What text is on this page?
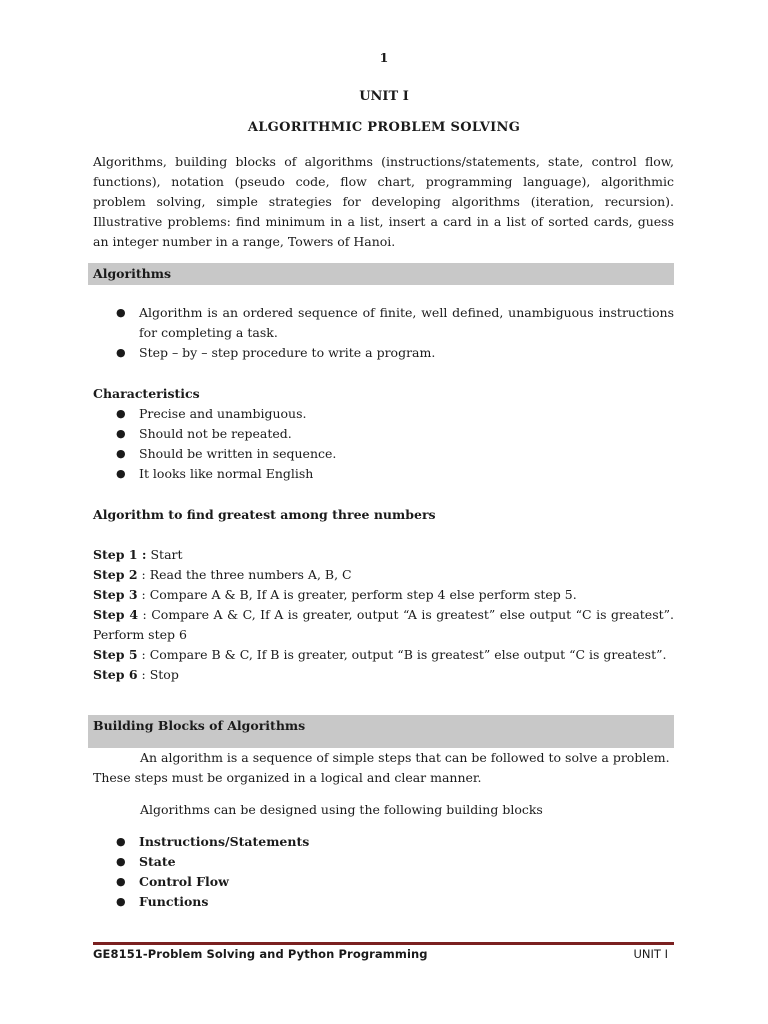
1
UNIT I
ALGORITHMIC PROBLEM SOLVING
Algorithms, building blocks of algorithms (instructions/statements, state, control flow, functions), notation (pseudo code, flow chart, programming language), algorithmic problem solving, simple strategies for developing algorithms (iteration, recursion). Illustrative problems: find minimum in a list, insert a card in a list of sorted cards, guess an integer number in a range, Towers of Hanoi.
Algorithms
● Algorithm is an ordered sequence of finite, well defined, unambiguous instructions for completing a task.
● Step – by – step procedure to write a program.
Characteristics
● Precise and unambiguous.
● Should not be repeated.
● Should be written in sequence.
● It looks like normal English
Algorithm to find greatest among three numbers
Step 1 : Start
Step 2 : Read the three numbers A, B, C
Step 3 : Compare A & B, If A is greater, perform step 4 else perform step 5.
Step 4 : Compare A & C, If A is greater, output “A is greatest” else output “C is greatest”. Perform step 6
Step 5 : Compare B & C, If B is greater, output “B is greatest” else output “C is greatest”.
Step 6 : Stop
Building Blocks of Algorithms
An algorithm is a sequence of simple steps that can be followed to solve a problem. These steps must be organized in a logical and clear manner.
Algorithms can be designed using the following building blocks
● Instructions/Statements
● State
● Control Flow
● Functions
GE8151-Problem Solving and Python Programming	UNIT I
